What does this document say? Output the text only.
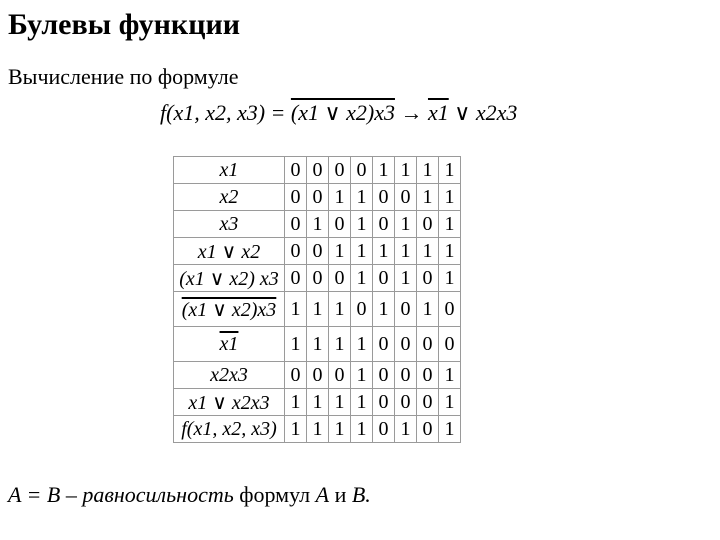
Булевы функции
Вычисление по формуле
f(x1, x2, x3) = (x1 ∨ x2)x3 → x1 ∨ x2x3
x1	0	0	0	0	1	1	1	1
x2	0	0	1	1	0	0	1	1
x3	0	1	0	1	0	1	0	1
x1 ∨ x2	0	0	1	1	1	1	1	1
(x1 ∨ x2) x3	0	0	0	1	0	1	0	1
(x1 ∨ x2)x3	1	1	1	0	1	0	1	0
x1	1	1	1	1	0	0	0	0
x2x3	0	0	0	1	0	0	0	1
x1 ∨ x2x3	1	1	1	1	0	0	0	1
f(x1, x2, x3)	1	1	1	1	0	1	0	1
A = B – равносильность формул A и B.
